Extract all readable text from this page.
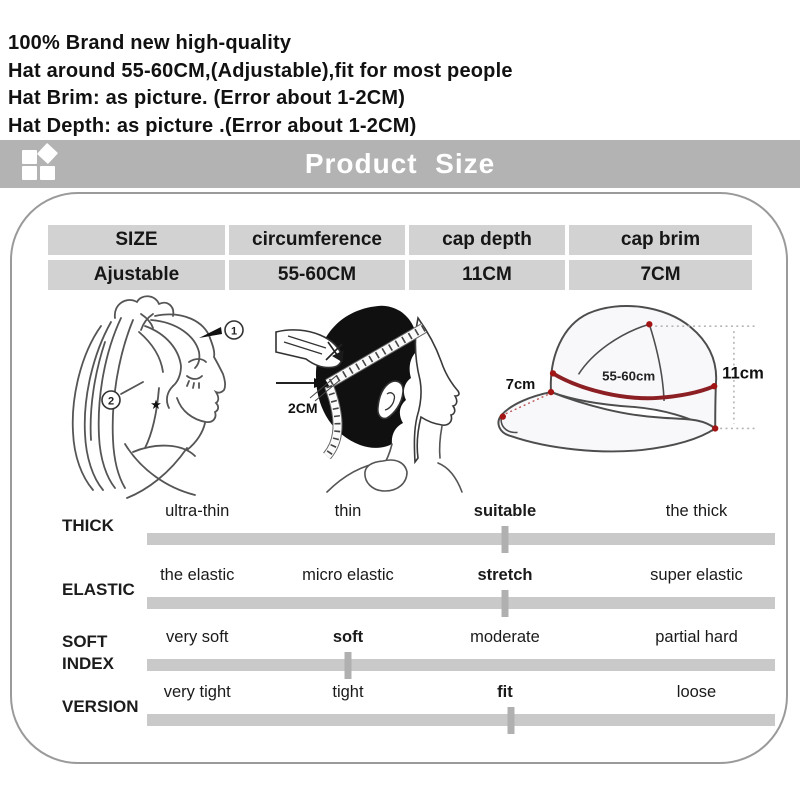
100% Brand new high-quality
Hat around 55-60CM,(Adjustable),fit for most people
Hat Brim: as picture. (Error about 1-2CM)
Hat Depth: as picture .(Error about 1-2CM)
Product  Size
SIZE	circumference	cap depth	cap brim
Ajustable	55-60CM	11CM	7CM
1
2	★	2CM
7cm
55-60cm	11cm
THICK
ultra-thin	thin	suitable	the thick
ELASTIC
the elastic	micro elastic	stretch	super elastic
SOFT
INDEX
very soft	soft	moderate	partial hard
VERSION
very tight	tight	fit	loose
